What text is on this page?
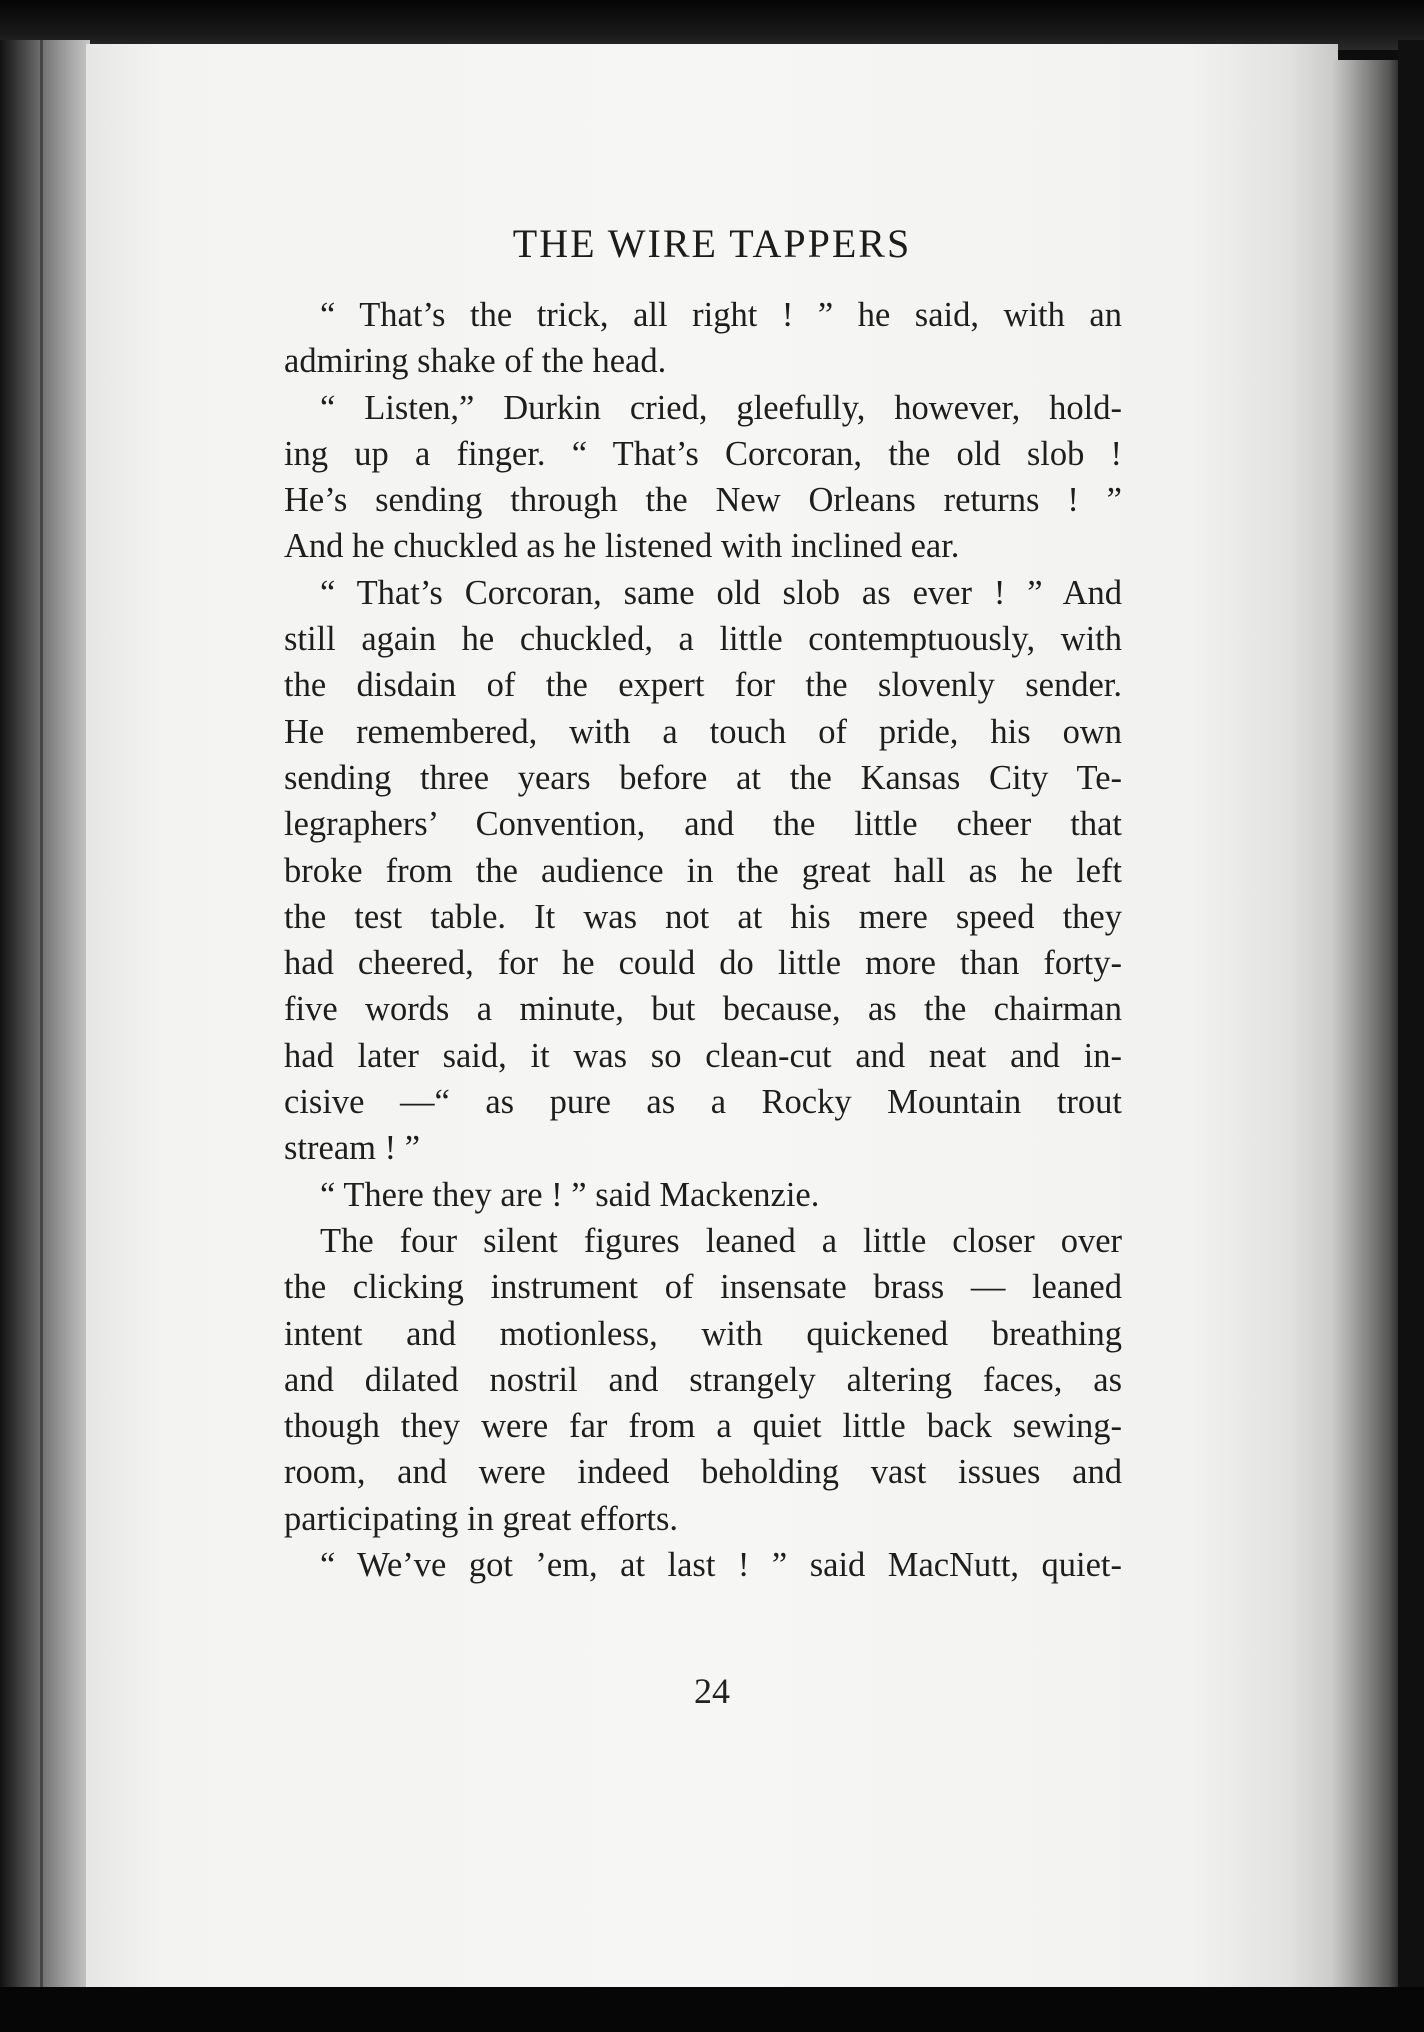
THE WIRE TAPPERS
“ That’s the trick, all right ! ” he said, with an
admiring shake of the head.
“ Listen,” Durkin cried, gleefully, however, hold-
ing up a finger. “ That’s Corcoran, the old slob !
He’s sending through the New Orleans returns ! ”
And he chuckled as he listened with inclined ear.
“ That’s Corcoran, same old slob as ever ! ” And
still again he chuckled, a little contemptuously, with
the disdain of the expert for the slovenly sender.
He remembered, with a touch of pride, his own
sending three years before at the Kansas City Te-
legraphers’ Convention, and the little cheer that
broke from the audience in the great hall as he left
the test table. It was not at his mere speed they
had cheered, for he could do little more than forty-
five words a minute, but because, as the chairman
had later said, it was so clean-cut and neat and in-
cisive —“ as pure as a Rocky Mountain trout
stream ! ”
“ There they are ! ” said Mackenzie.
The four silent figures leaned a little closer over
the clicking instrument of insensate brass — leaned
intent and motionless, with quickened breathing
and dilated nostril and strangely altering faces, as
though they were far from a quiet little back sewing-
room, and were indeed beholding vast issues and
participating in great efforts.
“ We’ve got ’em, at last ! ” said MacNutt, quiet-

24
